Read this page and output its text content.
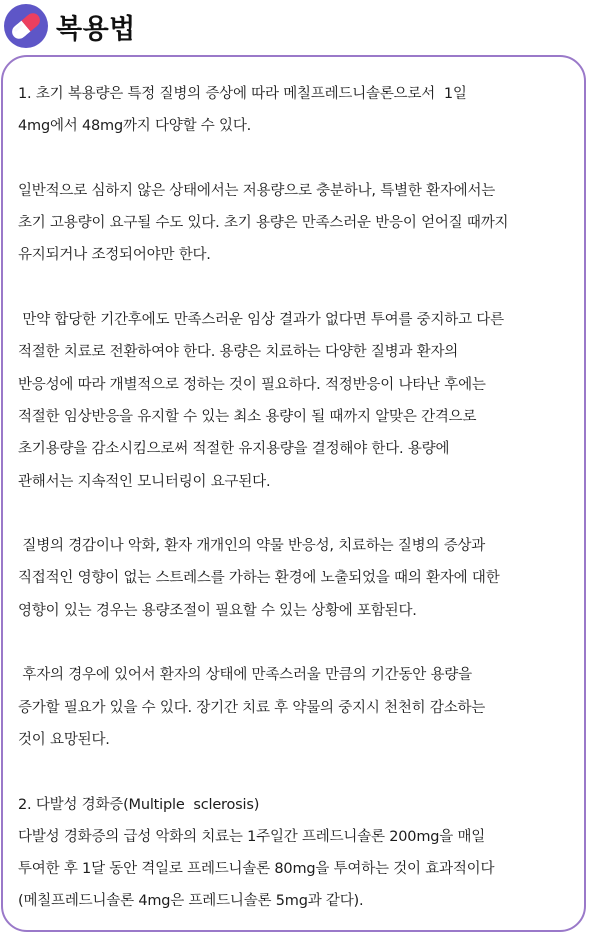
복용법
1. 초기 복용량은 특정 질병의 증상에 따라 메칠프레드니솔론으로서  1일
4mg에서 48mg까지 다양할 수 있다.
일반적으로 심하지 않은 상태에서는 저용량으로 충분하나, 특별한 환자에서는
초기 고용량이 요구될 수도 있다. 초기 용량은 만족스러운 반응이 얻어질 때까지
유지되거나 조정되어야만 한다.
만약 합당한 기간후에도 만족스러운 임상 결과가 없다면 투여를 중지하고 다른
적절한 치료로 전환하여야 한다. 용량은 치료하는 다양한 질병과 환자의
반응성에 따라 개별적으로 정하는 것이 필요하다. 적정반응이 나타난 후에는
적절한 임상반응을 유지할 수 있는 최소 용량이 될 때까지 알맞은 간격으로
초기용량을 감소시킴으로써 적절한 유지용량을 결정해야 한다. 용량에
관해서는 지속적인 모니터링이 요구된다.
질병의 경감이나 악화, 환자 개개인의 약물 반응성, 치료하는 질병의 증상과
직접적인 영향이 없는 스트레스를 가하는 환경에 노출되었을 때의 환자에 대한
영향이 있는 경우는 용량조절이 필요할 수 있는 상황에 포함된다.
후자의 경우에 있어서 환자의 상태에 만족스러울 만큼의 기간동안 용량을
증가할 필요가 있을 수 있다. 장기간 치료 후 약물의 중지시 천천히 감소하는
것이 요망된다.
2. 다발성 경화증(Multiple  sclerosis)
다발성 경화증의 급성 악화의 치료는 1주일간 프레드니솔론 200mg을 매일
투여한 후 1달 동안 격일로 프레드니솔론 80mg을 투여하는 것이 효과적이다
(메칠프레드니솔론 4mg은 프레드니솔론 5mg과 같다).
